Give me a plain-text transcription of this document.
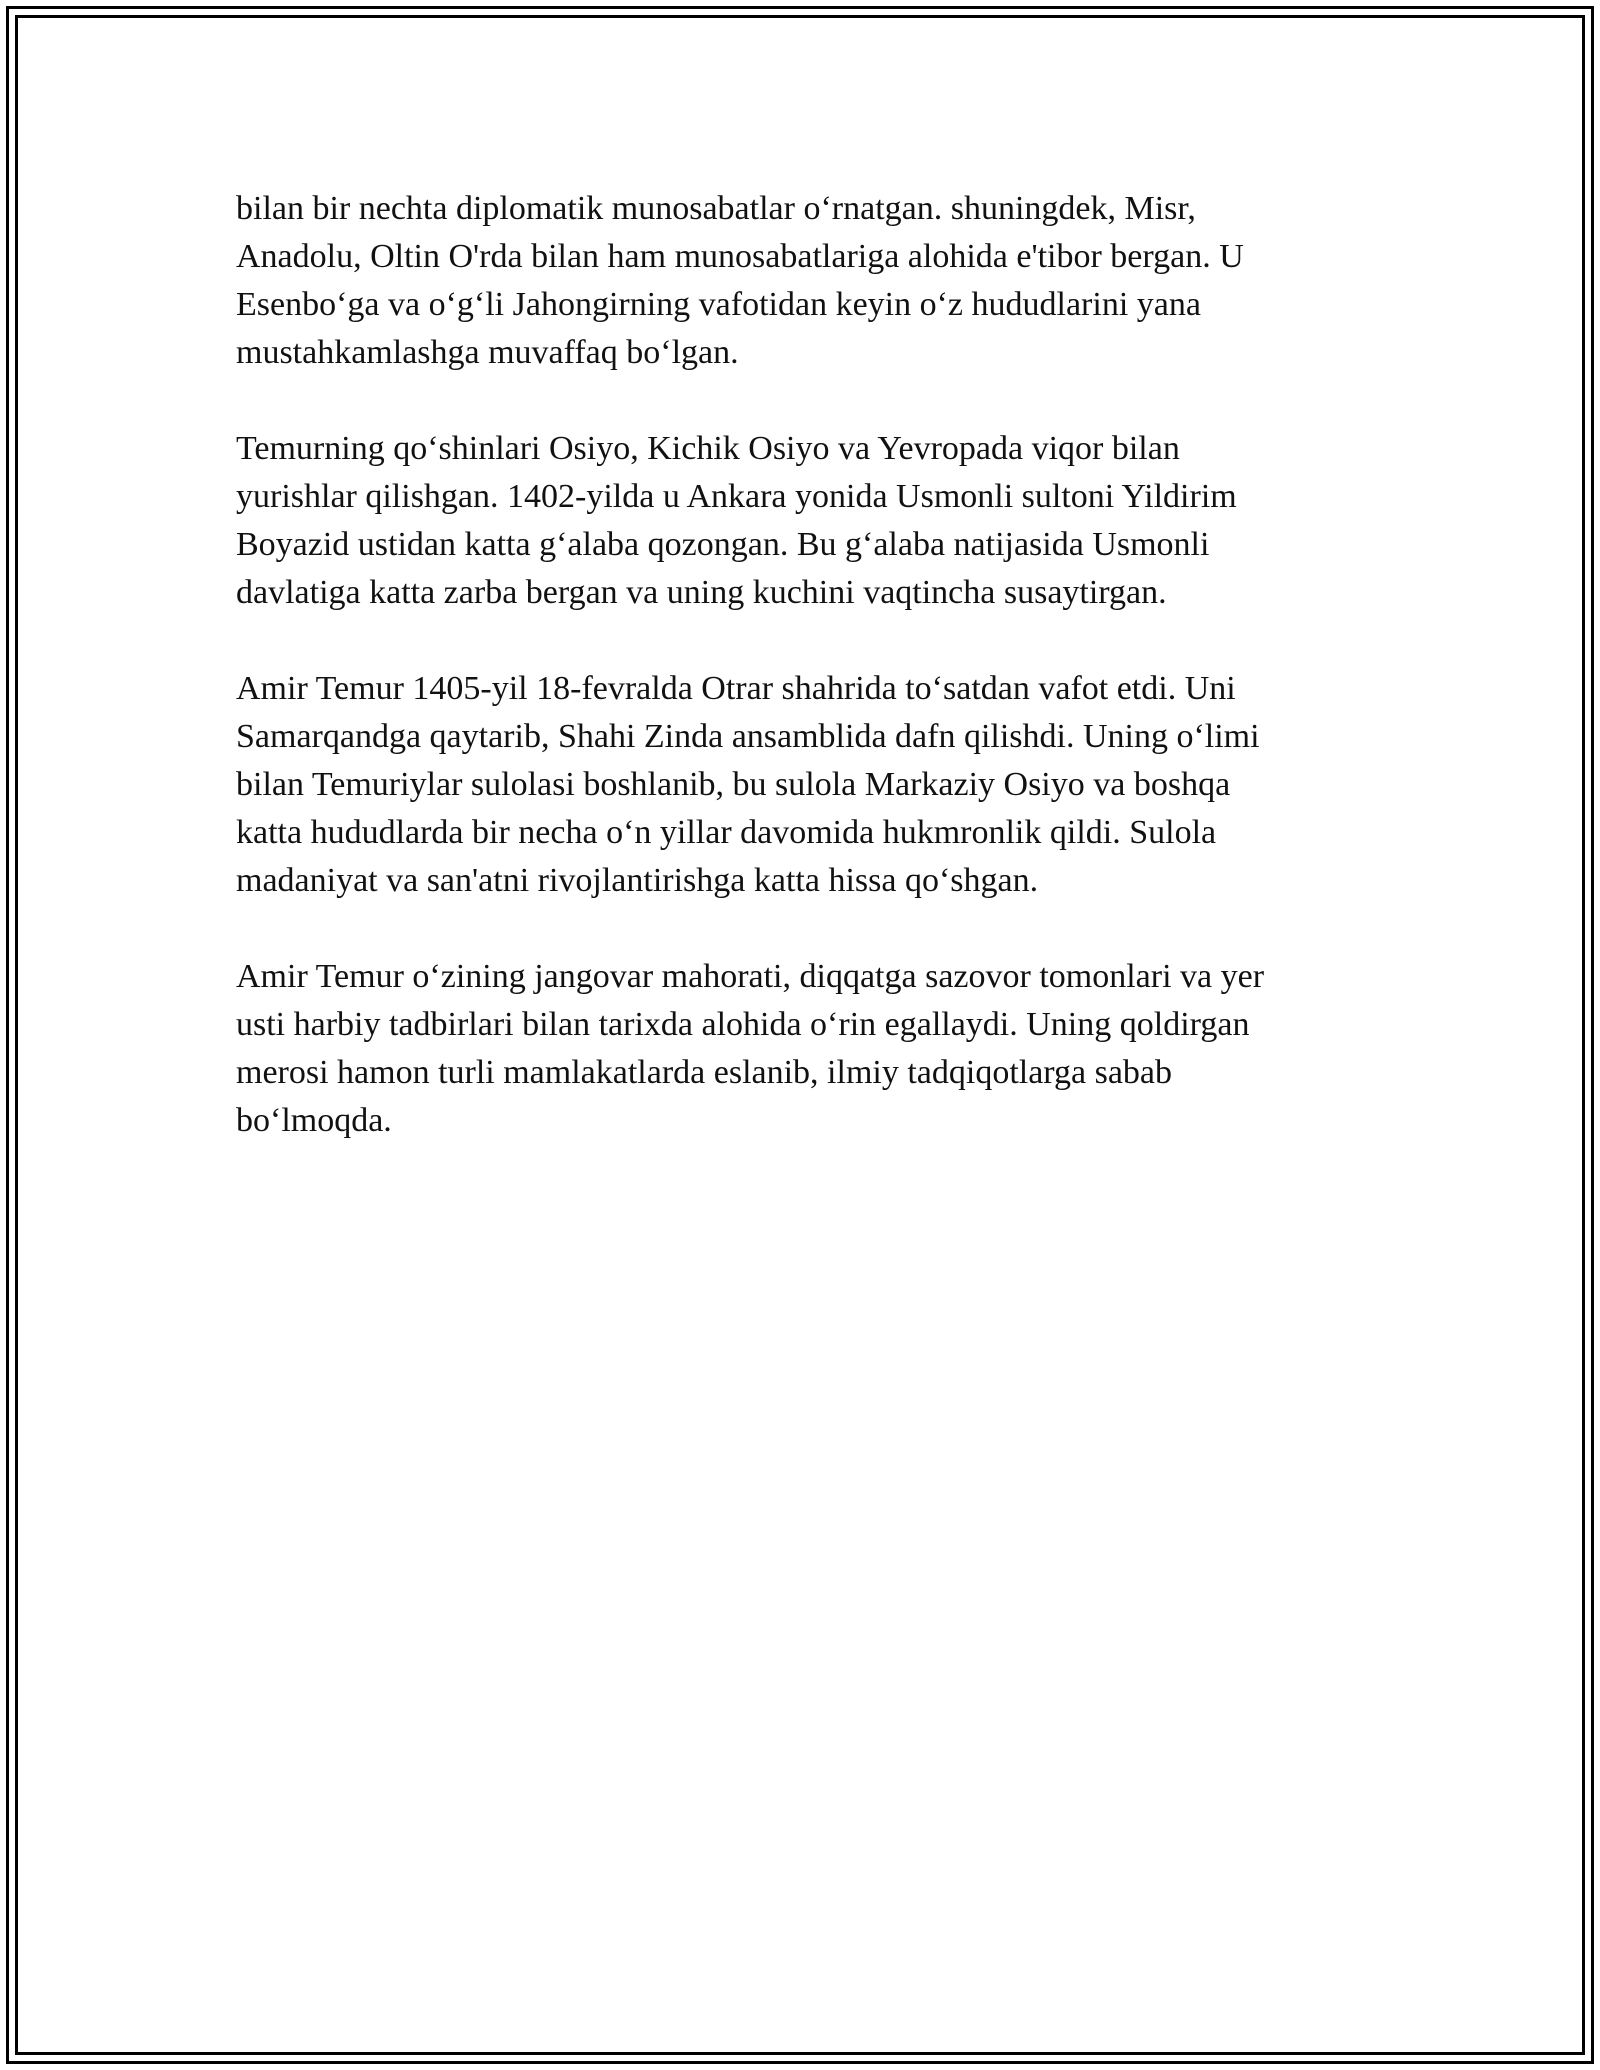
bilan bir nechta diplomatik munosabatlar o‘rnatgan. shuningdek, Misr,
Anadolu, Oltin O'rda bilan ham munosabatlariga alohida e'tibor bergan. U
Esenbo‘ga va o‘g‘li Jahongirning vafotidan keyin o‘z hududlarini yana
mustahkamlashga muvaffaq bo‘lgan.

Temurning qo‘shinlari Osiyo, Kichik Osiyo va Yevropada viqor bilan
yurishlar qilishgan. 1402-yilda u Ankara yonida Usmonli sultoni Yildirim
Boyazid ustidan katta g‘alaba qozongan. Bu g‘alaba natijasida Usmonli
davlatiga katta zarba bergan va uning kuchini vaqtincha susaytirgan.

Amir Temur 1405-yil 18-fevralda Otrar shahrida to‘satdan vafot etdi. Uni
Samarqandga qaytarib, Shahi Zinda ansamblida dafn qilishdi. Uning o‘limi
bilan Temuriylar sulolasi boshlanib, bu sulola Markaziy Osiyo va boshqa
katta hududlarda bir necha o‘n yillar davomida hukmronlik qildi. Sulola
madaniyat va san'atni rivojlantirishga katta hissa qo‘shgan.

Amir Temur o‘zining jangovar mahorati, diqqatga sazovor tomonlari va yer
usti harbiy tadbirlari bilan tarixda alohida o‘rin egallaydi. Uning qoldirgan
merosi hamon turli mamlakatlarda eslanib, ilmiy tadqiqotlarga sabab
bo‘lmoqda.
